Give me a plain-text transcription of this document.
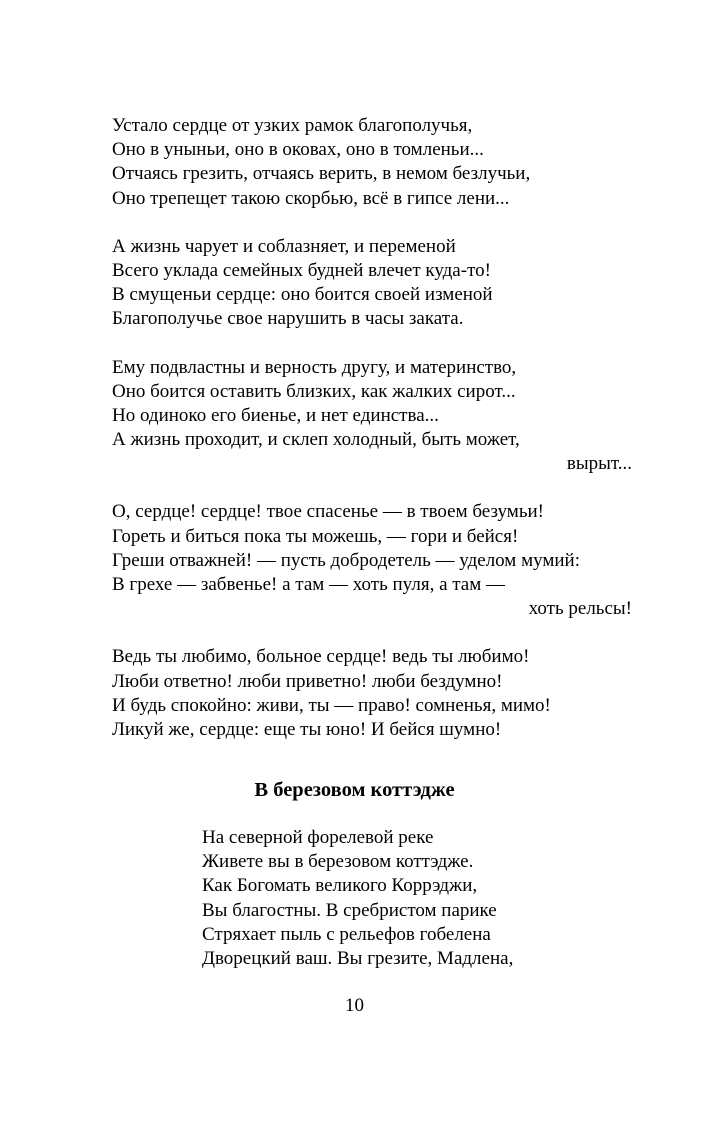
Устало сердце от узких рамок благополучья,
Оно в уныньи, оно в оковах, оно в томленьи...
Отчаясь грезить, отчаясь верить, в немом безлучьи,
Оно трепещет такою скорбью, всё в гипсе лени...
А жизнь чарует и соблазняет, и переменой
Всего уклада семейных будней влечет куда-то!
В смущеньи сердце: оно боится своей изменой
Благополучье свое нарушить в часы заката.
Ему подвластны и верность другу, и материнство,
Оно боится оставить близких, как жалких сирот...
Но одиноко его биенье, и нет единства...
А жизнь проходит, и склеп холодный, быть может,
вырыт...
О, сердце! сердце! твое спасенье — в твоем безумьи!
Гореть и биться пока ты можешь, — гори и бейся!
Греши отважней! — пусть добродетель — уделом мумий:
В грехе — забвенье! а там — хоть пуля, а там —
хоть рельсы!
Ведь ты любимо, больное сердце! ведь ты любимо!
Люби ответно! люби приветно! люби бездумно!
И будь спокойно: живи, ты — право! сомненья, мимо!
Ликуй же, сердце: еще ты юно! И бейся шумно!
В березовом коттэдже
На северной форелевой реке
Живете вы в березовом коттэдже.
Как Богомать великого Коррэджи,
Вы благостны. В сребристом парике
Стряхает пыль с рельефов гобелена
Дворецкий ваш. Вы грезите, Мадлена,
10
